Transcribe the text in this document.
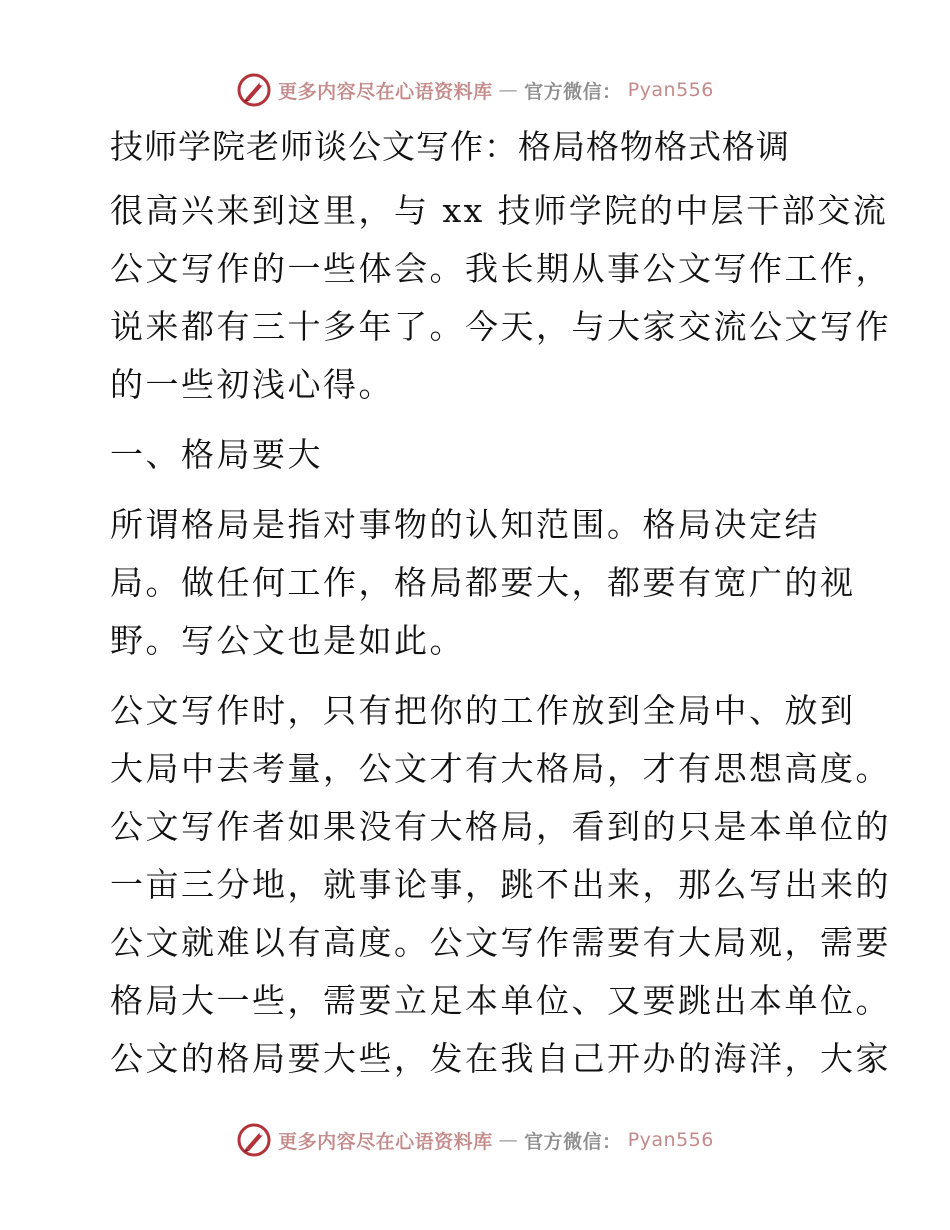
更多内容尽在心语资料库 — 官方微信： Pyan556
技师学院老师谈公文写作：格局格物格式格调

很高兴来到这里，与 xx 技师学院的中层干部交流
公文写作的一些体会。我长期从事公文写作工作，
说来都有三十多年了。今天，与大家交流公文写作
的一些初浅心得。

一、格局要大

所谓格局是指对事物的认知范围。格局决定结
局。做任何工作，格局都要大，都要有宽广的视
野。写公文也是如此。

公文写作时，只有把你的工作放到全局中、放到
大局中去考量，公文才有大格局，才有思想高度。
公文写作者如果没有大格局，看到的只是本单位的
一亩三分地，就事论事，跳不出来，那么写出来的
公文就难以有高度。公文写作需要有大局观，需要
格局大一些，需要立足本单位、又要跳出本单位。
公文的格局要大些，发在我自己开办的海洋，大家

更多内容尽在心语资料库 — 官方微信： Pyan556
